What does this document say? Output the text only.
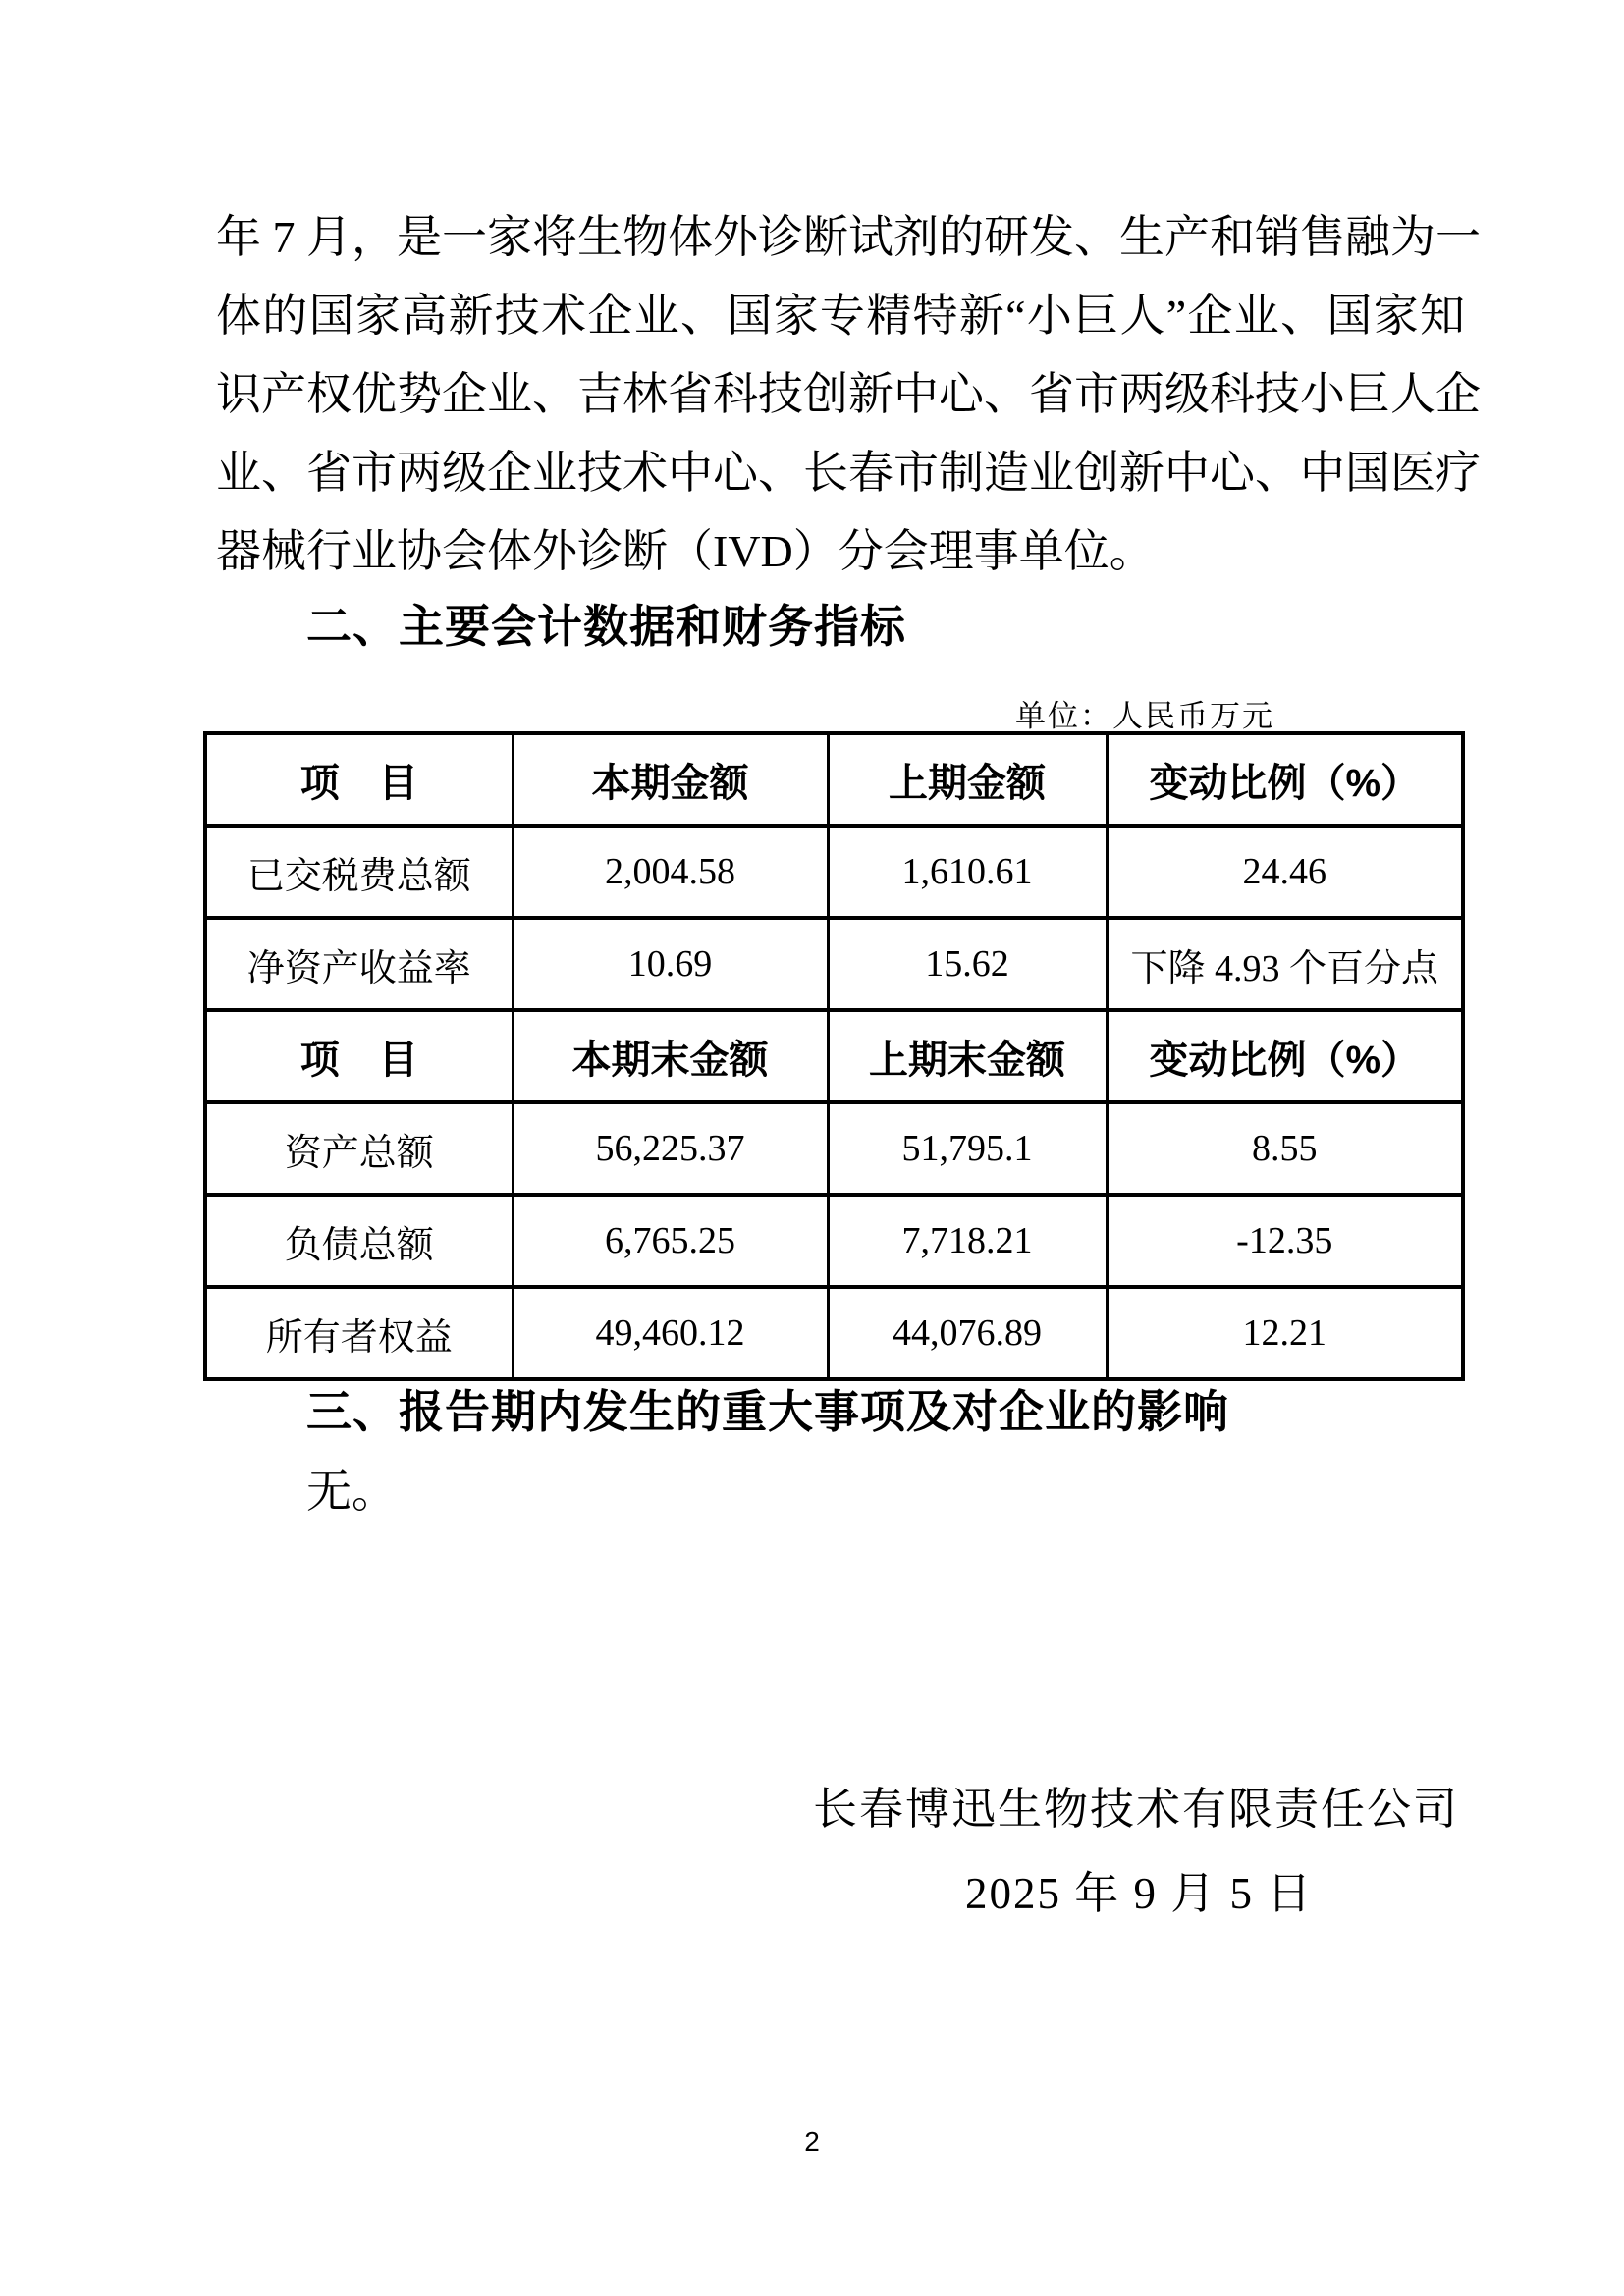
年 7 月，是一家将生物体外诊断试剂的研发、生产和销售融为一
体的国家高新技术企业、国家专精特新“小巨人”企业、国家知
识产权优势企业、吉林省科技创新中心、省市两级科技小巨人企
业、省市两级企业技术中心、长春市制造业创新中心、中国医疗
器械行业协会体外诊断（IVD）分会理事单位。
二、主要会计数据和财务指标
单位：人民币万元
项　目	本期金额	上期金额	变动比例（%）
已交税费总额	2,004.58	1,610.61	24.46
净资产收益率	10.69	15.62	下降 4.93 个百分点
项　目	本期末金额	上期末金额	变动比例（%）
资产总额	56,225.37	51,795.1	8.55
负债总额	6,765.25	7,718.21	-12.35
所有者权益	49,460.12	44,076.89	12.21
三、报告期内发生的重大事项及对企业的影响
无。
长春博迅生物技术有限责任公司
2025 年 9 月 5 日
2
